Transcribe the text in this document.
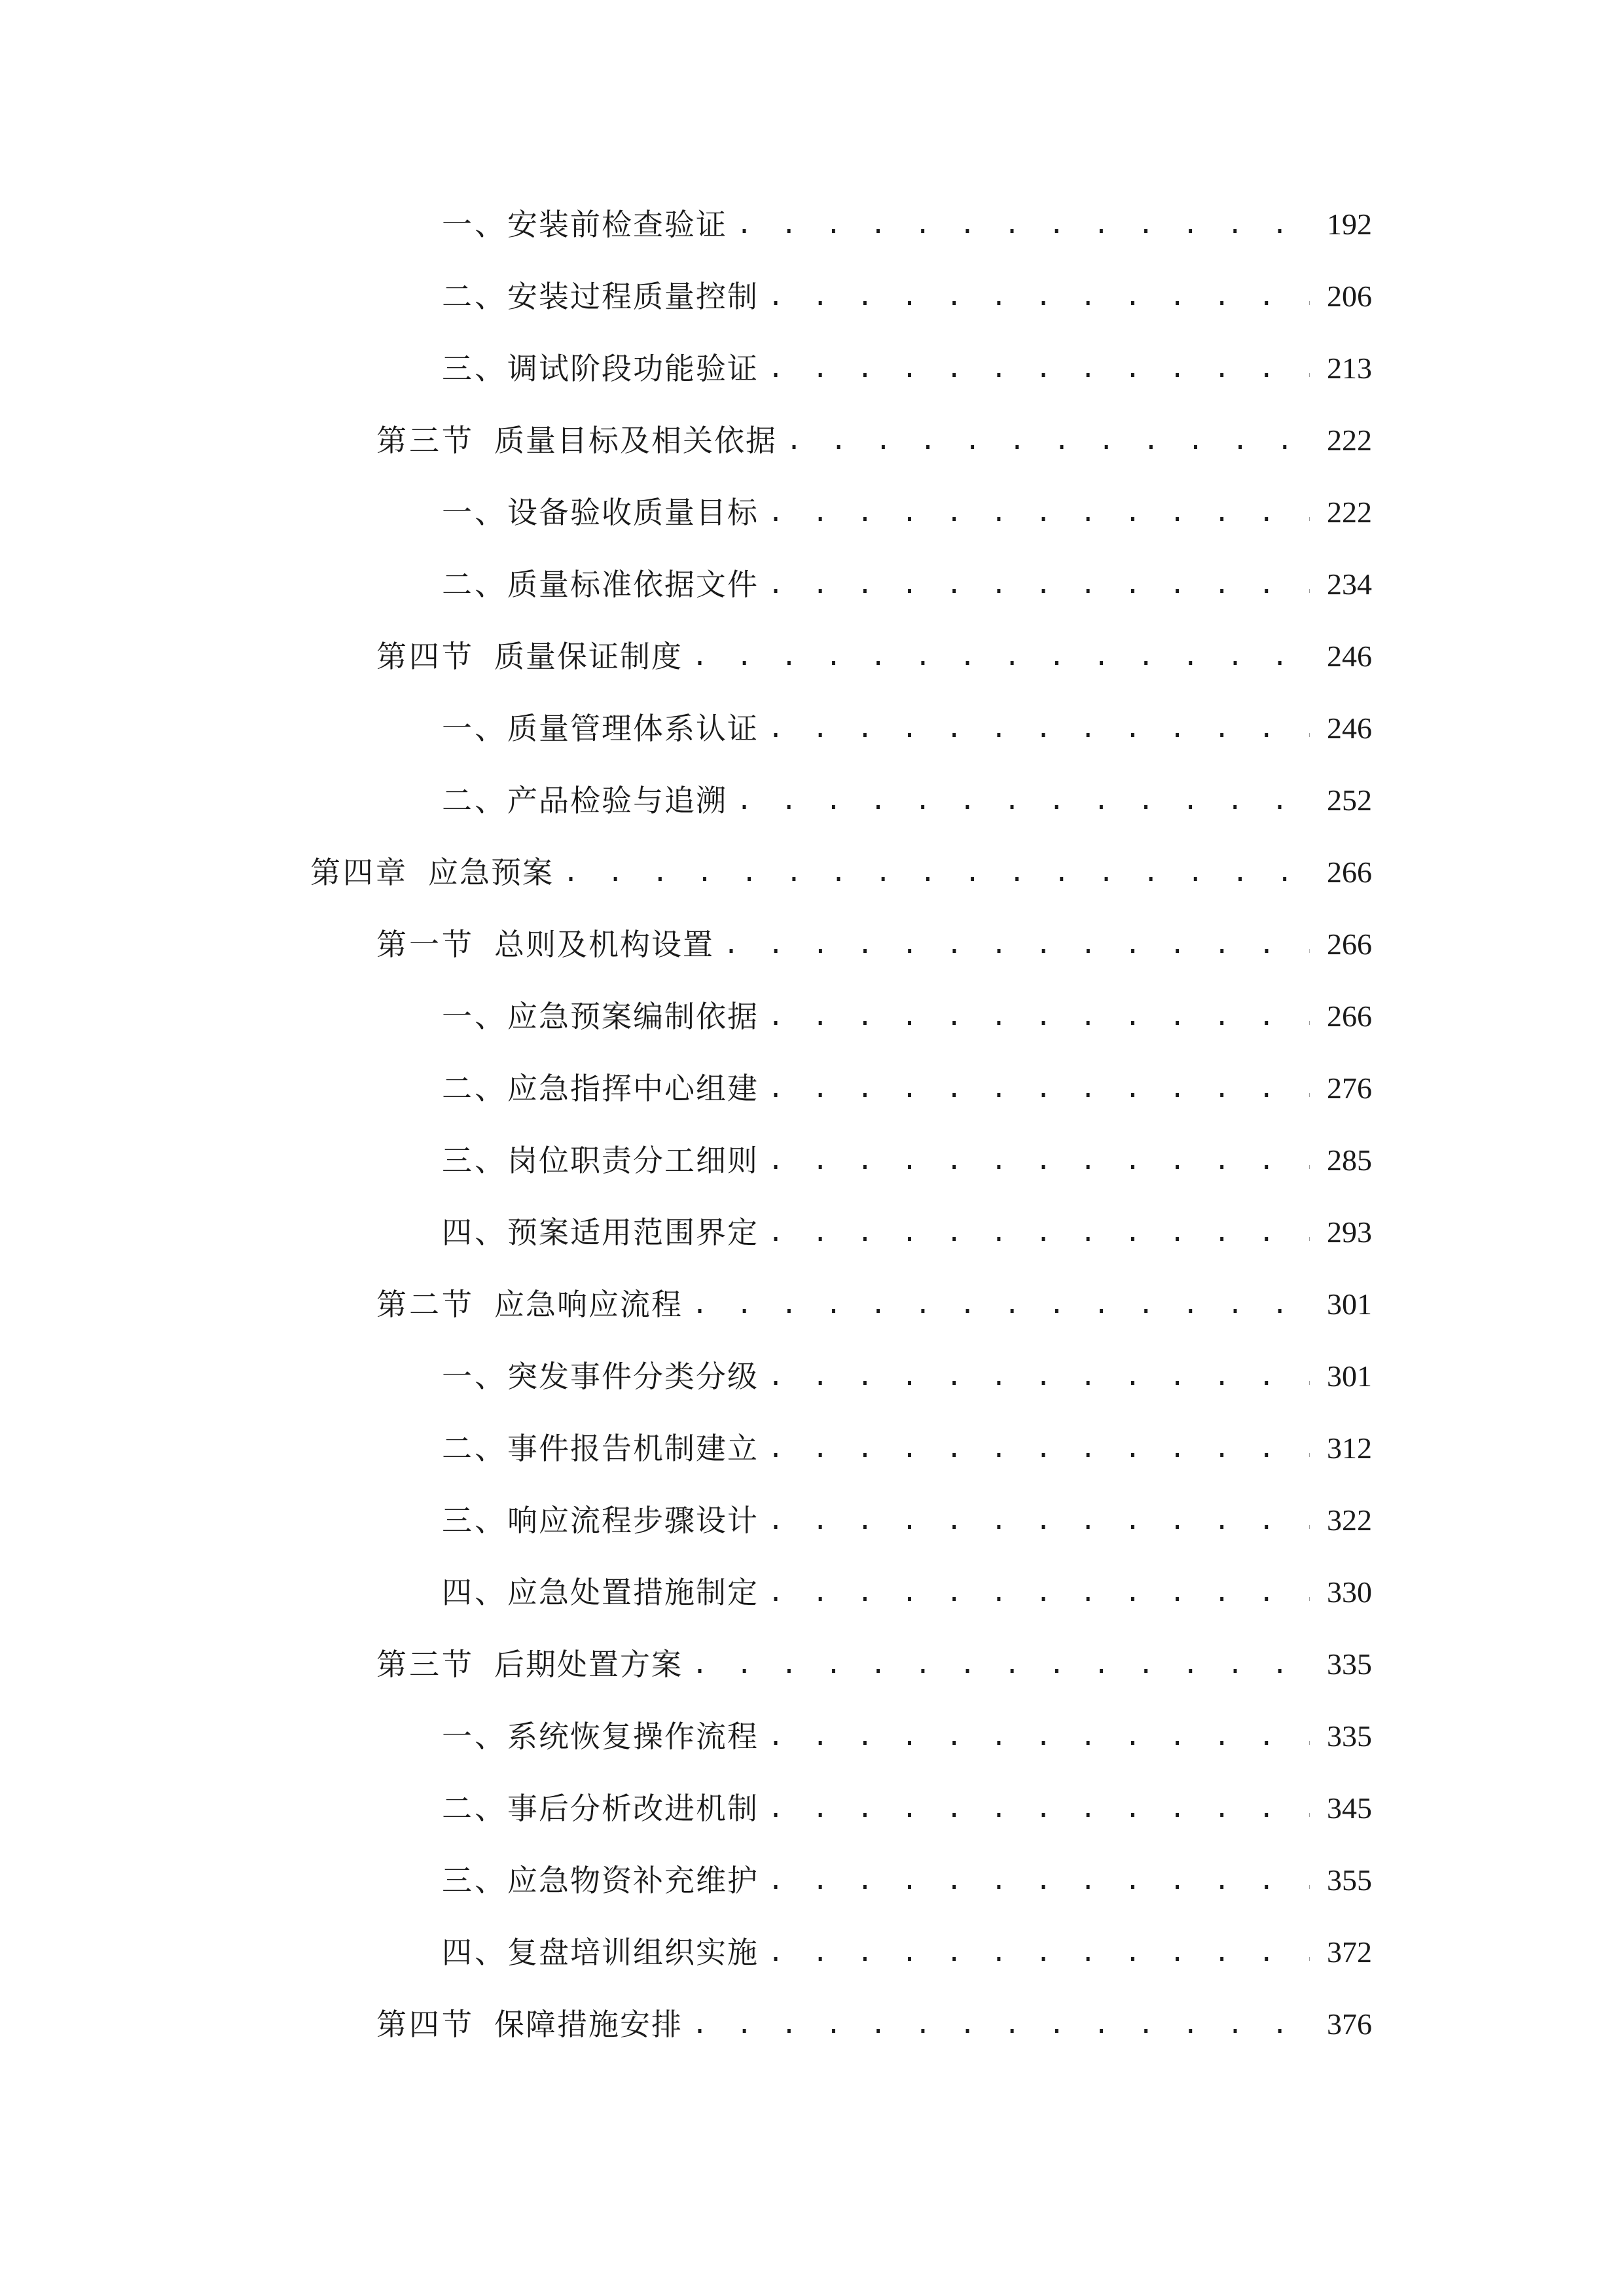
一、 安装前检查验证 . . .	192
二、 安装过程质量控制 . . .	206
三、 调试阶段功能验证 . . .	213
第三节 质量目标及相关依据 . . .	222
一、 设备验收质量目标 . . .	222
二、 质量标准依据文件 . . .	234
第四节 质量保证制度 . . .	246
一、 质量管理体系认证 . . .	246
二、 产品检验与追溯 . . .	252
第四章 应急预案 . . .	266
第一节 总则及机构设置 . . .	266
一、 应急预案编制依据 . . .	266
二、 应急指挥中心组建 . . .	276
三、 岗位职责分工细则 . . .	285
四、 预案适用范围界定 . . .	293
第二节 应急响应流程 . . .	301
一、 突发事件分类分级 . . .	301
二、 事件报告机制建立 . . .	312
三、 响应流程步骤设计 . . .	322
四、 应急处置措施制定 . . .	330
第三节 后期处置方案 . . .	335
一、 系统恢复操作流程 . . .	335
二、 事后分析改进机制 . . .	345
三、 应急物资补充维护 . . .	355
四、 复盘培训组织实施 . . .	372
第四节 保障措施安排 . . .	376
